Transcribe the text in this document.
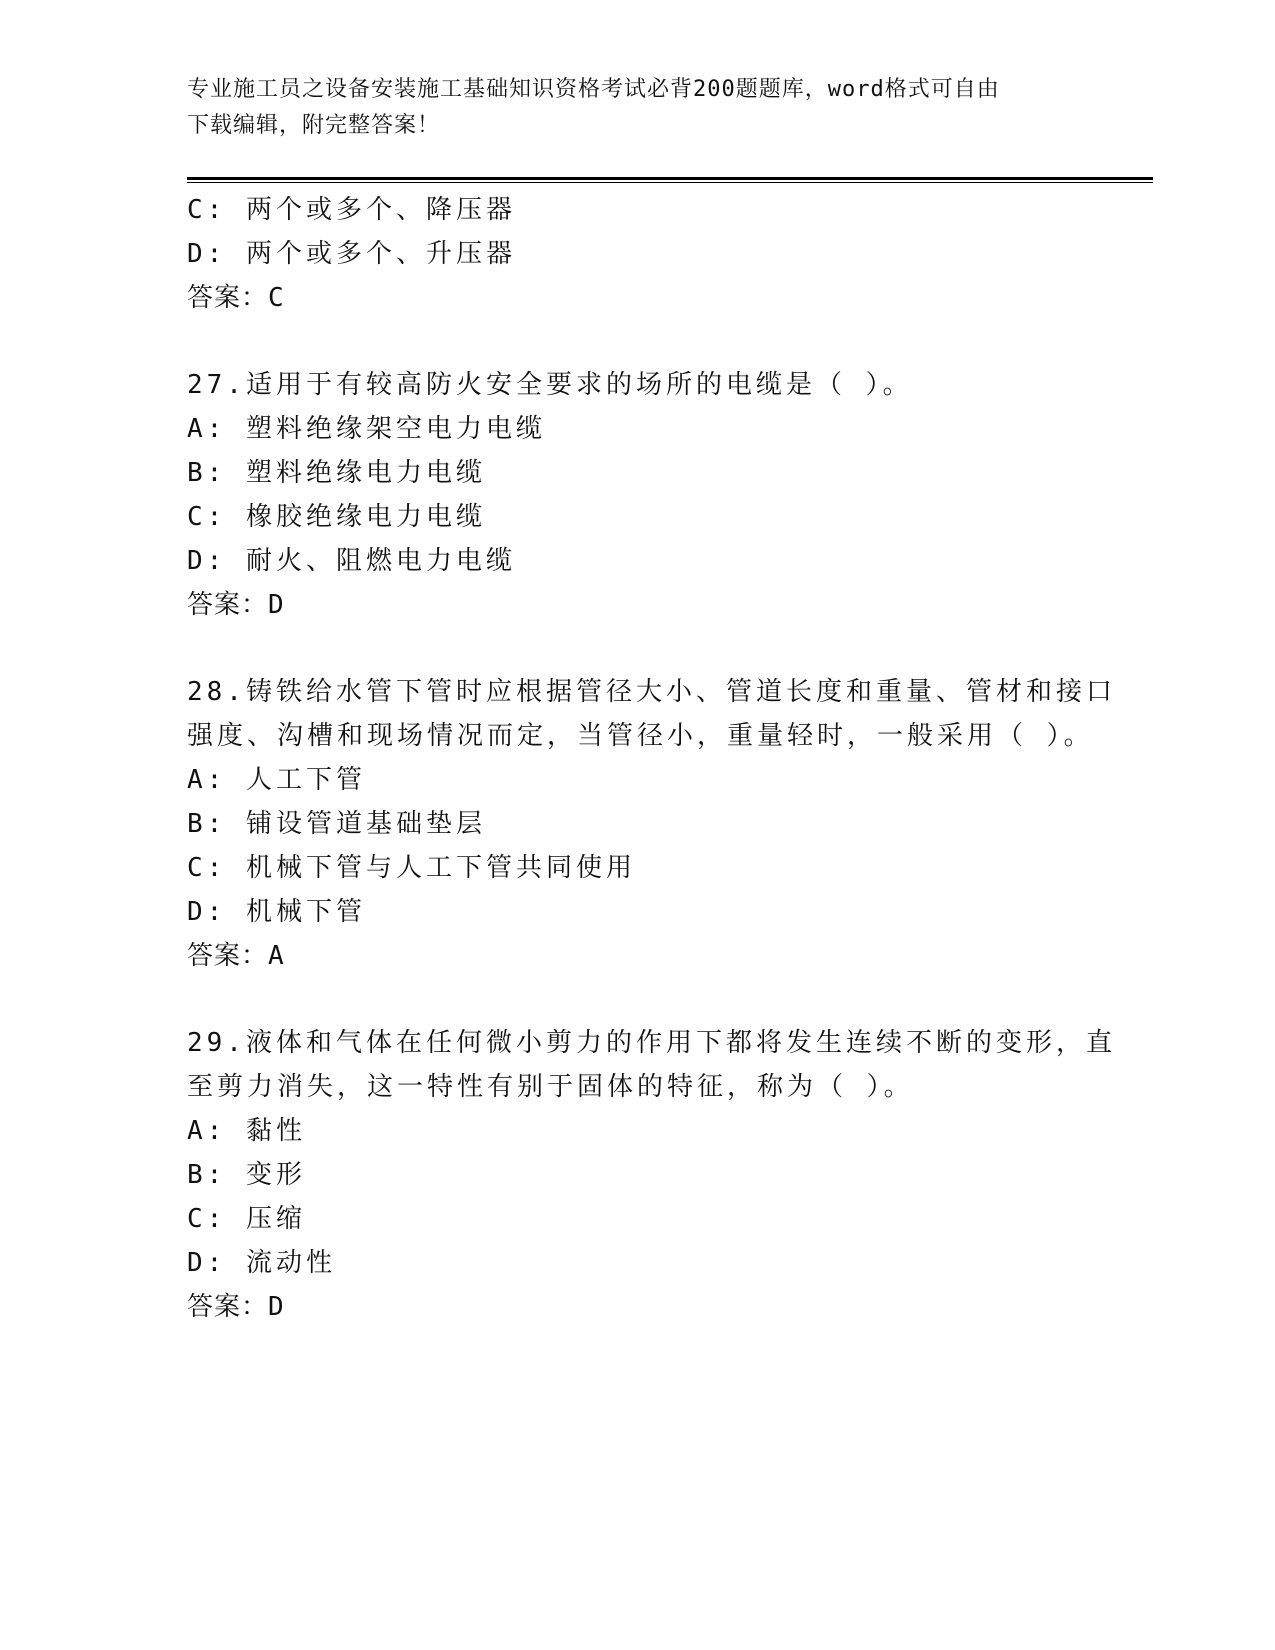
专业施工员之设备安装施工基础知识资格考试必背200题题库，word格式可自由
下载编辑，附完整答案！
C: 两个或多个、降压器
D: 两个或多个、升压器
答案：C
27.适用于有较高防火安全要求的场所的电缆是（ ）。
A: 塑料绝缘架空电力电缆
B: 塑料绝缘电力电缆
C: 橡胶绝缘电力电缆
D: 耐火、阻燃电力电缆
答案：D
28.铸铁给水管下管时应根据管径大小、管道长度和重量、管材和接口
强度、沟槽和现场情况而定，当管径小，重量轻时，一般采用（ ）。
A: 人工下管
B: 铺设管道基础垫层
C: 机械下管与人工下管共同使用
D: 机械下管
答案：A
29.液体和气体在任何微小剪力的作用下都将发生连续不断的变形，直
至剪力消失，这一特性有别于固体的特征，称为（ ）。
A: 黏性
B: 变形
C: 压缩
D: 流动性
答案：D
